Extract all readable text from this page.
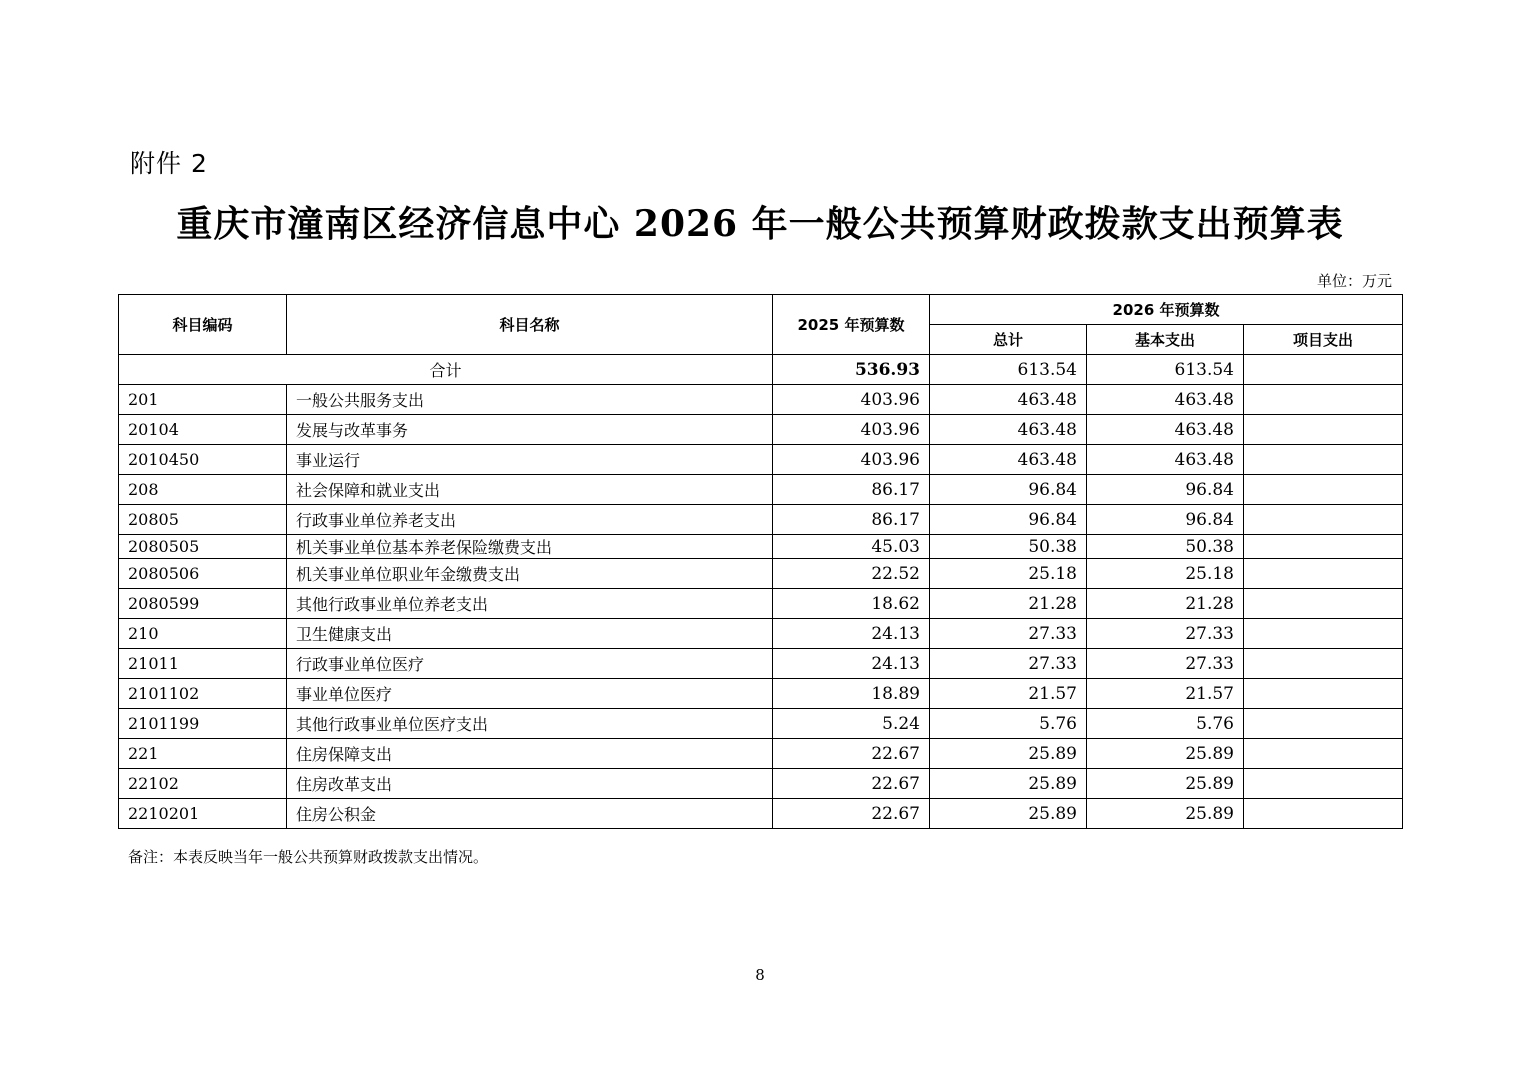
附件 2
重庆市潼南区经济信息中心 2026 年一般公共预算财政拨款支出预算表
单位：万元
科目编码	科目名称	2025 年预算数	2026 年预算数		
			总计	基本支出	项目支出
合计		536.93	613.54	613.54	
201	一般公共服务支出	403.96	463.48	463.48	
20104	发展与改革事务	403.96	463.48	463.48	
2010450	事业运行	403.96	463.48	463.48	
208	社会保障和就业支出	86.17	96.84	96.84	
20805	行政事业单位养老支出	86.17	96.84	96.84	
2080505	机关事业单位基本养老保险缴费支出	45.03	50.38	50.38	
2080506	机关事业单位职业年金缴费支出	22.52	25.18	25.18	
2080599	其他行政事业单位养老支出	18.62	21.28	21.28	
210	卫生健康支出	24.13	27.33	27.33	
21011	行政事业单位医疗	24.13	27.33	27.33	
2101102	事业单位医疗	18.89	21.57	21.57	
2101199	其他行政事业单位医疗支出	5.24	5.76	5.76	
221	住房保障支出	22.67	25.89	25.89	
22102	住房改革支出	22.67	25.89	25.89	
2210201	住房公积金	22.67	25.89	25.89	
备注：本表反映当年一般公共预算财政拨款支出情况。
8
